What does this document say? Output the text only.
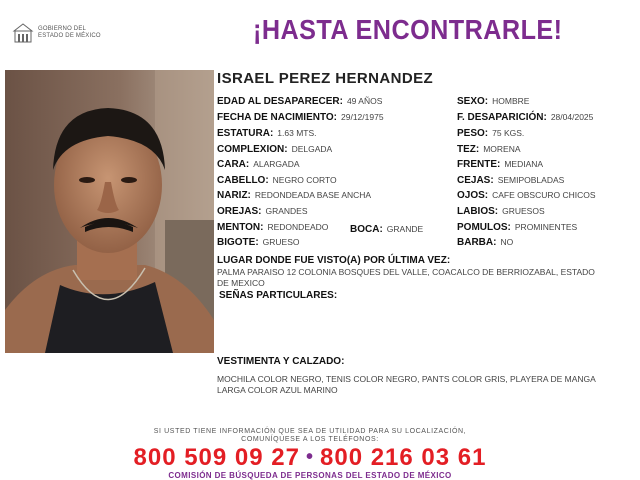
GOBIERNO DEL
ESTADO DE MÉXICO	¡HASTA ENCONTRARLE!
ISRAEL PEREZ HERNANDEZ
EDAD AL DESAPARECER: 49 AÑOS	SEXO: HOMBRE
FECHA DE NACIMIENTO: 29/12/1975	F. DESAPARICIÓN: 28/04/2025
ESTATURA: 1.63 MTS.	PESO: 75 KGS.
COMPLEXION: DELGADA	TEZ: MORENA
CARA: ALARGADA	FRENTE: MEDIANA
CABELLO: NEGRO CORTO	CEJAS: SEMIPOBLADAS
NARIZ: REDONDEADA BASE ANCHA	OJOS: CAFE OBSCURO CHICOS
OREJAS: GRANDES	LABIOS: GRUESOS
MENTON: REDONDEADO BOCA: GRANDE	POMULOS: PROMINENTES
BIGOTE: GRUESO	BARBA: NO
LUGAR DONDE FUE VISTO(A) POR ÚLTIMA VEZ:
PALMA PARAISO 12 COLONIA BOSQUES DEL VALLE, COACALCO DE BERRIOZABAL, ESTADO DE MEXICO
SEÑAS PARTICULARES:
VESTIMENTA Y CALZADO:
MOCHILA COLOR NEGRO, TENIS COLOR NEGRO, PANTS COLOR GRIS, PLAYERA DE MANGA LARGA COLOR AZUL MARINO
SI USTED TIENE INFORMACIÓN QUE SEA DE UTILIDAD PARA SU LOCALIZACIÓN,
COMUNÍQUESE A LOS TELÉFONOS:
800 509 09 27 • 800 216 03 61
COMISIÓN DE BÚSQUEDA DE PERSONAS DEL ESTADO DE MÉXICO
